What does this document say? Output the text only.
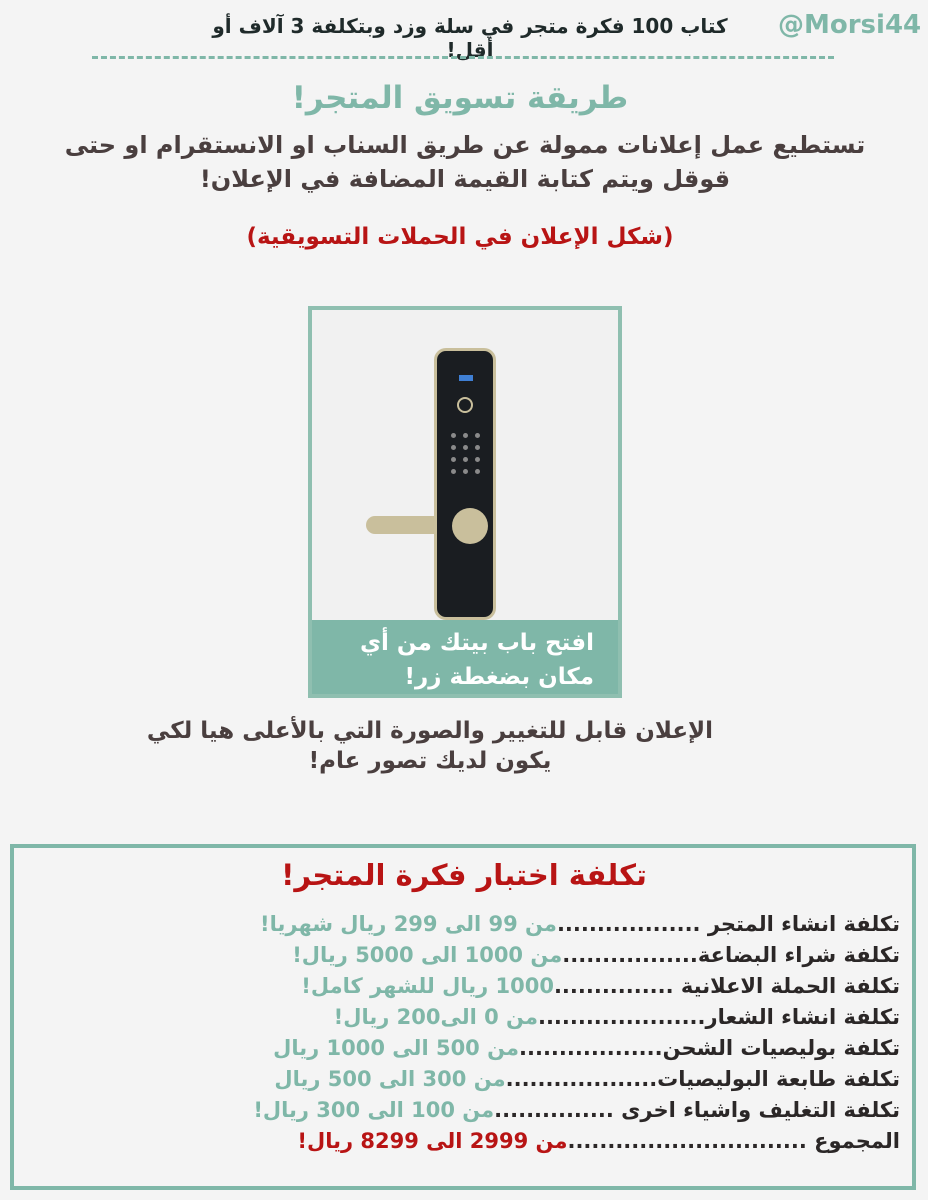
@Morsi44
كتاب 100 فكرة متجر في سلة وزد وبتكلفة 3 آلاف أو أقل!
طريقة تسويق المتجر!
تستطيع عمل إعلانات ممولة عن طريق السناب او الانستقرام او حتى
قوقل ويتم كتابة القيمة المضافة في الإعلان!
(شكل الإعلان في الحملات التسويقية)
افتح باب بيتك من أي
مكان بضغطة زر!
الإعلان قابل للتغيير والصورة التي بالأعلى هيا لكي
يكون لديك تصور عام!
تكلفة اختبار فكرة المتجر!
تكلفة انشاء المتجر ..................
من 99 الى 299 ريال شهريا!
تكلفة شراء البضاعة.................
من 1000 الى 5000 ريال!
تكلفة الحملة الاعلانية ...............
1000 ريال للشهر كامل!
تكلفة انشاء الشعار.....................
من 0 الى200 ريال!
تكلفة بوليصيات الشحن..................
من 500 الى 1000 ريال
تكلفة طابعة البوليصيات...................
من 300 الى 500 ريال
تكلفة التغليف واشياء اخرى ...............
من 100 الى 300 ريال!
المجموع ..............................
من 2999 الى 8299 ريال!
